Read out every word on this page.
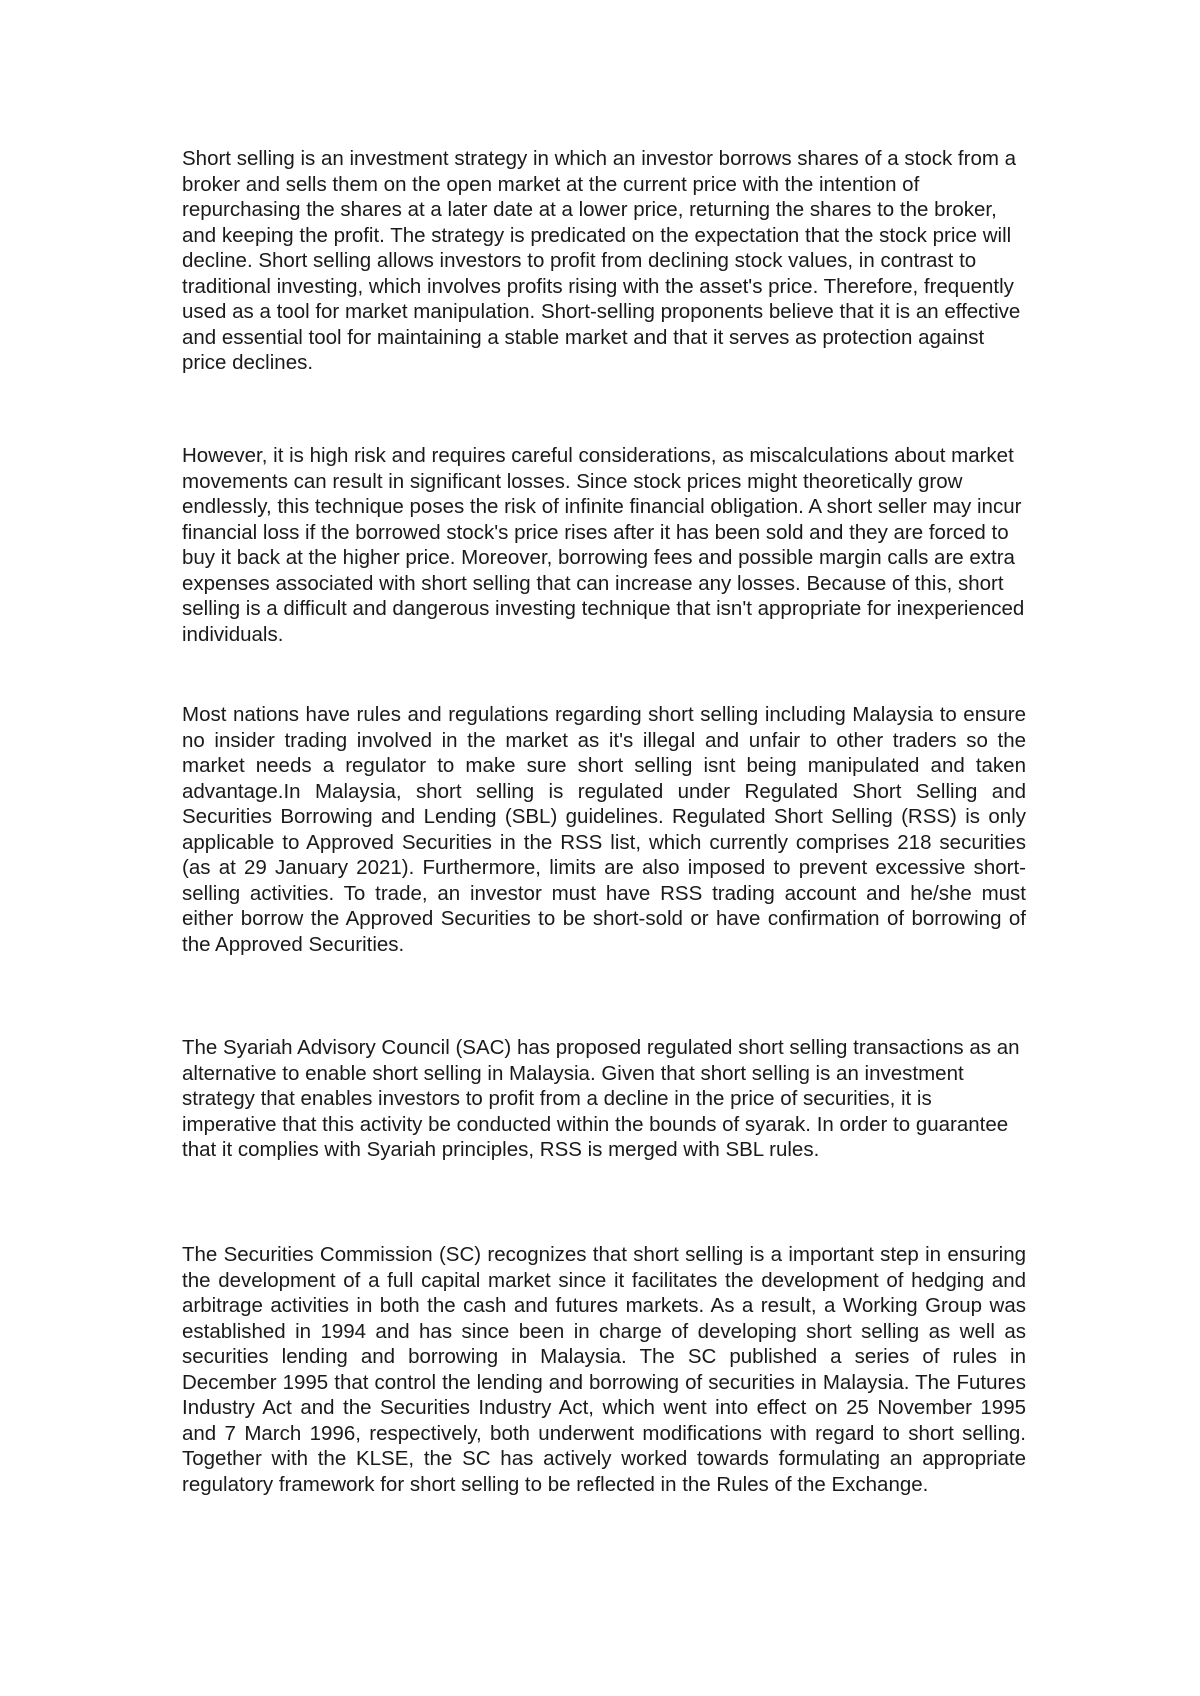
Short selling is an investment strategy in which an investor borrows shares of a stock from a broker and sells them on the open market at the current price with the intention of repurchasing the shares at a later date at a lower price, returning the shares to the broker, and keeping the profit. The strategy is predicated on the expectation that the stock price will decline. Short selling allows investors to profit from declining stock values, in contrast to traditional investing, which involves profits rising with the asset's price. Therefore, frequently used as a tool for market manipulation. Short-selling proponents believe that it is an effective and essential tool for maintaining a stable market and that it serves as protection against price declines.

However, it is high risk and requires careful considerations, as miscalculations about market movements can result in significant losses. Since stock prices might theoretically grow endlessly, this technique poses the risk of infinite financial obligation. A short seller may incur financial loss if the borrowed stock's price rises after it has been sold and they are forced to buy it back at the higher price. Moreover, borrowing fees and possible margin calls are extra expenses associated with short selling that can increase any losses. Because of this, short selling is a difficult and dangerous investing technique that isn't appropriate for inexperienced individuals.

Most nations have rules and regulations regarding short selling including Malaysia to ensure no insider trading involved in the market as it's illegal and unfair to other traders so the market needs a regulator to make sure short selling isnt being manipulated and taken advantage.In Malaysia, short selling is regulated under Regulated Short Selling and Securities Borrowing and Lending (SBL) guidelines. Regulated Short Selling (RSS) is only applicable to Approved Securities in the RSS list, which currently comprises 218 securities (as at 29 January 2021). Furthermore, limits are also imposed to prevent excessive short-selling activities. To trade, an investor must have RSS trading account and he/she must either borrow the Approved Securities to be short-sold or have confirmation of borrowing of the Approved Securities.

The Syariah Advisory Council (SAC) has proposed regulated short selling transactions as an alternative to enable short selling in Malaysia. Given that short selling is an investment strategy that enables investors to profit from a decline in the price of securities, it is imperative that this activity be conducted within the bounds of syarak. In order to guarantee that it complies with Syariah principles, RSS is merged with SBL rules.

The Securities Commission (SC) recognizes that short selling is a important step in ensuring the development of a full capital market since it facilitates the development of hedging and arbitrage activities in both the cash and futures markets. As a result, a Working Group was established in 1994 and has since been in charge of developing short selling as well as securities lending and borrowing in Malaysia. The SC published a series of rules in December 1995 that control the lending and borrowing of securities in Malaysia. The Futures Industry Act and the Securities Industry Act, which went into effect on 25 November 1995 and 7 March 1996, respectively, both underwent modifications with regard to short selling. Together with the KLSE, the SC has actively worked towards formulating an appropriate regulatory framework for short selling to be reflected in the Rules of the Exchange.
